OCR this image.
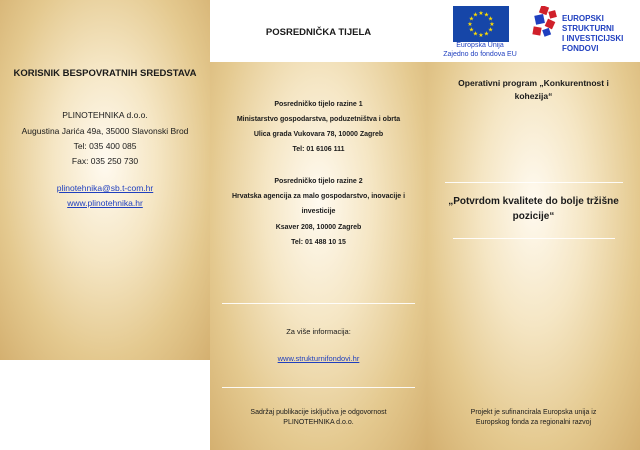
KORISNIK BESPOVRATNIH SREDSTAVA
PLINOTEHNIKA d.o.o.
Augustina Jarića 49a, 35000 Slavonski Brod
Tel: 035 400 085
Fax: 035 250 730
plinotehnika@sb.t-com.hr
www.plinotehnika.hr
POSREDNIČKA TIJELA
Posredničko tijelo razine 1
Ministarstvo gospodarstva, poduzetništva i obrta
Ulica grada Vukovara 78, 10000 Zagreb
Tel: 01 6106 111
Posredničko tijelo razine 2
Hrvatska agencija za malo gospodarstvo, inovacije i
investicije
Ksaver 208, 10000 Zagreb
Tel: 01 488 10 15
Za više informacija:
www.strukturnifondovi.hr
Sadržaj publikacije isključiva je odgovornost
PLINOTEHNIKA d.o.o.
★
★
★
★
★
★
★
★
★ ★ ★
★
Europska Unija
Zajedno do fondova EU
EUROPSKI STRUKTURNI
I INVESTICIJSKI FONDOVI
Operativni program „Konkurentnost i
kohezija“
„Potvrdom kvalitete do bolje tržišne
pozicije“
Projekt je sufinancirala Europska unija iz
Europskog fonda za regionalni razvoj
